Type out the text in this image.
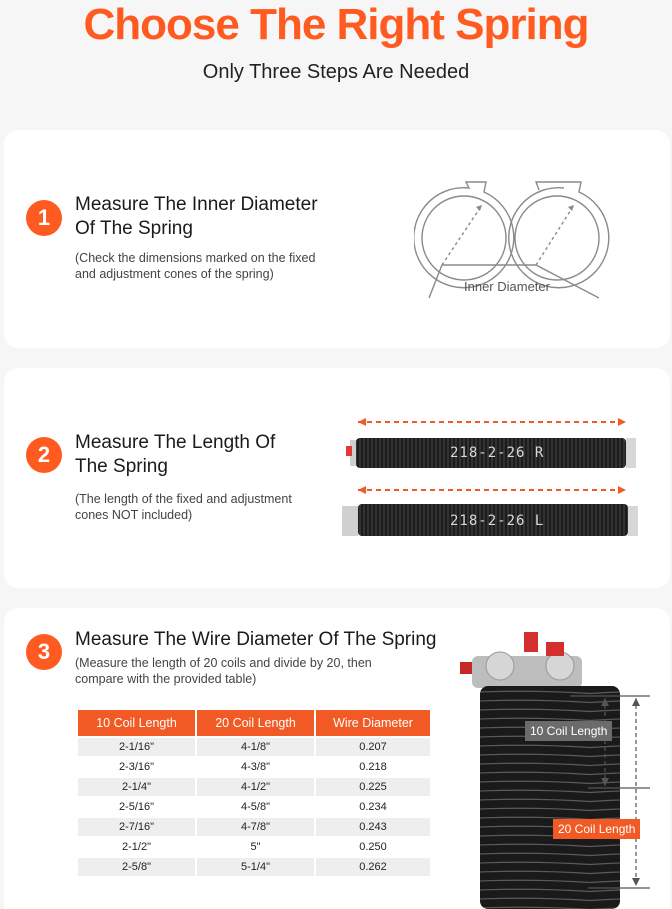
Choose The Right Spring
Only Three Steps Are Needed
1
Measure The Inner Diameter
Of The Spring
(Check the dimensions marked on the fixed
and adjustment cones of the spring)
Inner Diameter
2	Measure The Length Of
The Spring
(The length of the fixed and adjustment
cones NOT included)
218-2-26 R
218-2-26 L
3	Measure The Wire Diameter Of The Spring
(Measure the length of 20 coils and divide by 20, then
compare with the provided table)
10 Coil Length	20 Coil Length	Wire Diameter
2-1/16"	4-1/8"	0.207
2-3/16"	4-3/8"	0.218
2-1/4"	4-1/2"	0.225
2-5/16"	4-5/8"	0.234
2-7/16"	4-7/8"	0.243
2-1/2"	5"	0.250
2-5/8"	5-1/4"	0.262
10 Coil Length
20 Coil Length
